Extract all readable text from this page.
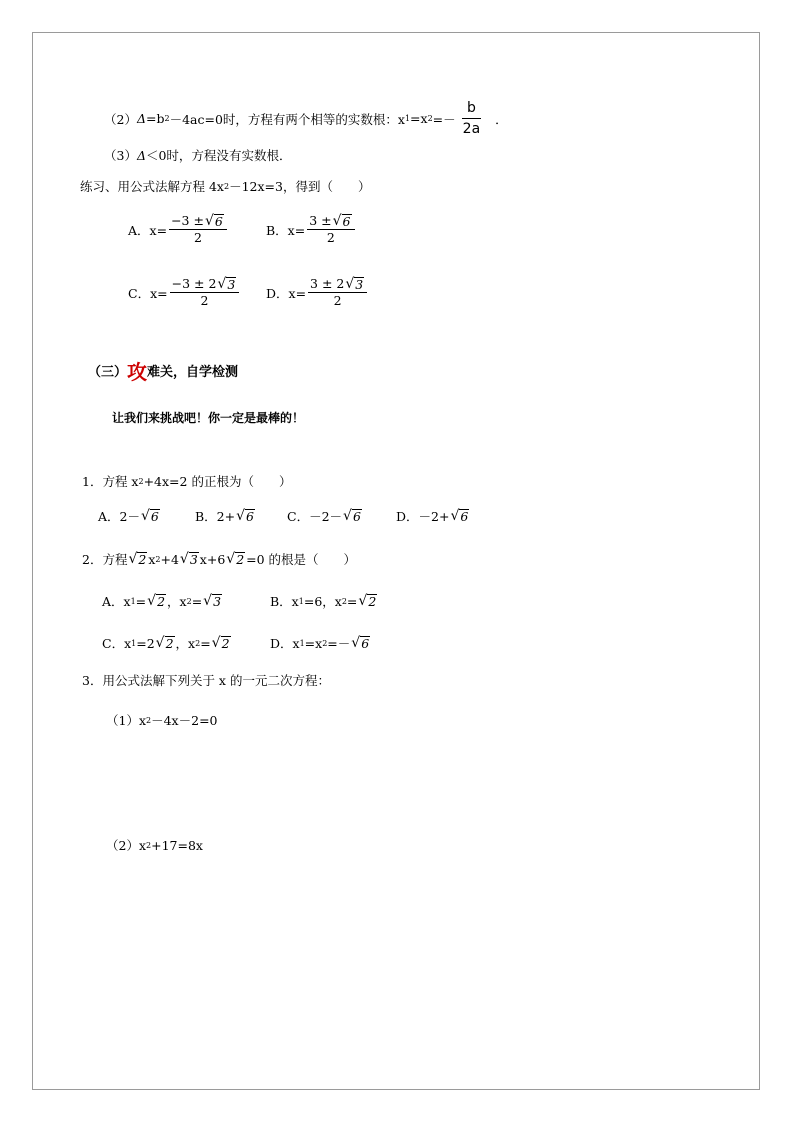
（2） Δ =b 2 －4ac=0时，方程有两个相等的实数根：x 1 =x $2 =- \frac{b}{2a}$ ．
（3） Δ ＜0时，方程没有实数根．
练习、用公式法解方程 4x 2 －12x=3，得到（　　）
A．$x= \frac{-3 \pm √ 6}{2}$	B．$x= \frac{3 \pm √ 6}{2}$
C．$x= \frac{-3 \pm 2 √ 3}{2}$ D．$x= \frac{3 \pm 2 √ 3}{2}$
（三） 攻 难关，自学检测
让我们来挑战吧！你一定是最棒的！
1．方程 x 2 +4x=2 的正根为（　　）
A．2－ √ 6	B．2+ √ 6	C．－2－ √ 6	D．－2+ √ 6
2．方程 √ 2 x 2 +4 √ 3 x+6 √ 2 =0 的根是（　　）
A．x 1 = √ 2 ，x 2 = √ 3	B．x 1 =6，x 2 = √ 2
C．x 1 =2 √ 2 ，x 2 = √ 2	D．x 1 =x 2 =－ √ 6
3．用公式法解下列关于 x 的一元二次方程：
（1）x 2 －4x－2=0
（2）x 2 +17=8x
